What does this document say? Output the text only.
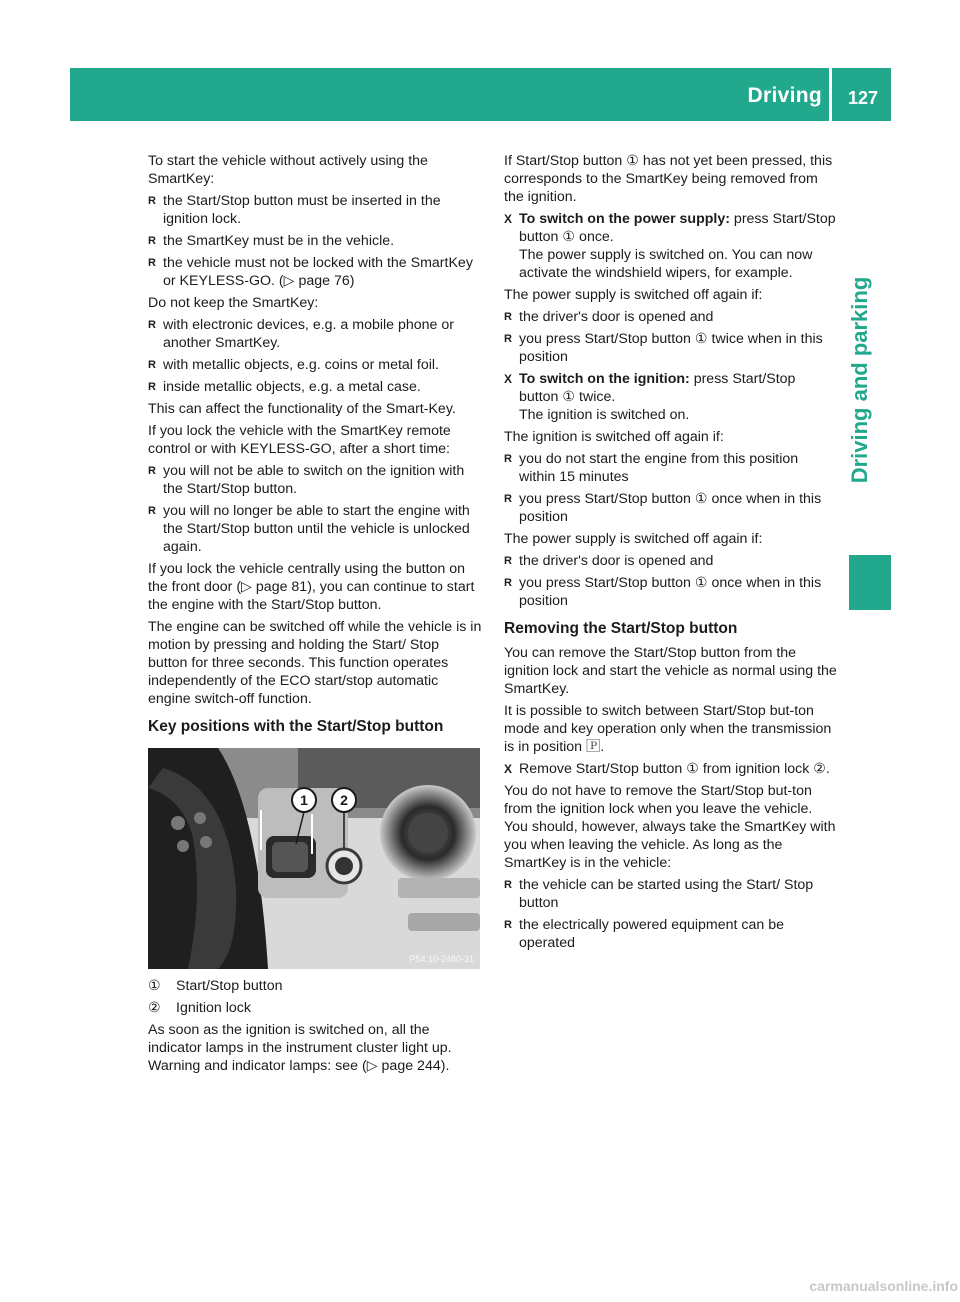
Driving	127
Driving and parking

To start the vehicle without actively using the SmartKey:

R the Start/Stop button must be inserted in the ignition lock.
R the SmartKey must be in the vehicle.
R the vehicle must not be locked with the SmartKey or KEYLESS-GO. (▷ page 76)

Do not keep the SmartKey:

R with electronic devices, e.g. a mobile phone or another SmartKey.
R with metallic objects, e.g. coins or metal foil.
R inside metallic objects, e.g. a metal case.

This can affect the functionality of the Smart-Key.

If you lock the vehicle with the SmartKey remote control or with KEYLESS-GO, after a short time:

R you will not be able to switch on the ignition with the Start/Stop button.
R you will no longer be able to start the engine with the Start/Stop button until the vehicle is unlocked again.

If you lock the vehicle centrally using the button on the front door (▷ page 81), you can continue to start the engine with the Start/Stop button.

The engine can be switched off while the vehicle is in motion by pressing and holding the Start/ Stop button for three seconds. This function operates independently of the ECO start/stop automatic engine switch-off function.

Key positions with the Start/Stop button
1 2
P54.10-2480-31
① Start/Stop button
② Ignition lock

As soon as the ignition is switched on, all the indicator lamps in the instrument cluster light up. Warning and indicator lamps: see (▷ page 244).

If Start/Stop button ① has not yet been pressed, this corresponds to the SmartKey being removed from the ignition.

X To switch on the power supply: press Start/Stop button ① once.
The power supply is switched on. You can now activate the windshield wipers, for example.

The power supply is switched off again if:

R the driver's door is opened and
R you press Start/Stop button ① twice when in this position
X To switch on the ignition: press Start/Stop button ① twice.
The ignition is switched on.

The ignition is switched off again if:

R you do not start the engine from this position within 15 minutes
R you press Start/Stop button ① once when in this position

The power supply is switched off again if:

R the driver's door is opened and
R you press Start/Stop button ① once when in this position
Removing the Start/Stop button

You can remove the Start/Stop button from the ignition lock and start the vehicle as normal using the SmartKey.

It is possible to switch between Start/Stop but-ton mode and key operation only when the transmission is in position 🄿.

X Remove Start/Stop button ① from ignition lock ②.

You do not have to remove the Start/Stop but-ton from the ignition lock when you leave the vehicle. You should, however, always take the SmartKey with you when leaving the vehicle. As long as the SmartKey is in the vehicle:

R the vehicle can be started using the Start/ Stop button
R the electrically powered equipment can be operated
carmanualsonline.info
